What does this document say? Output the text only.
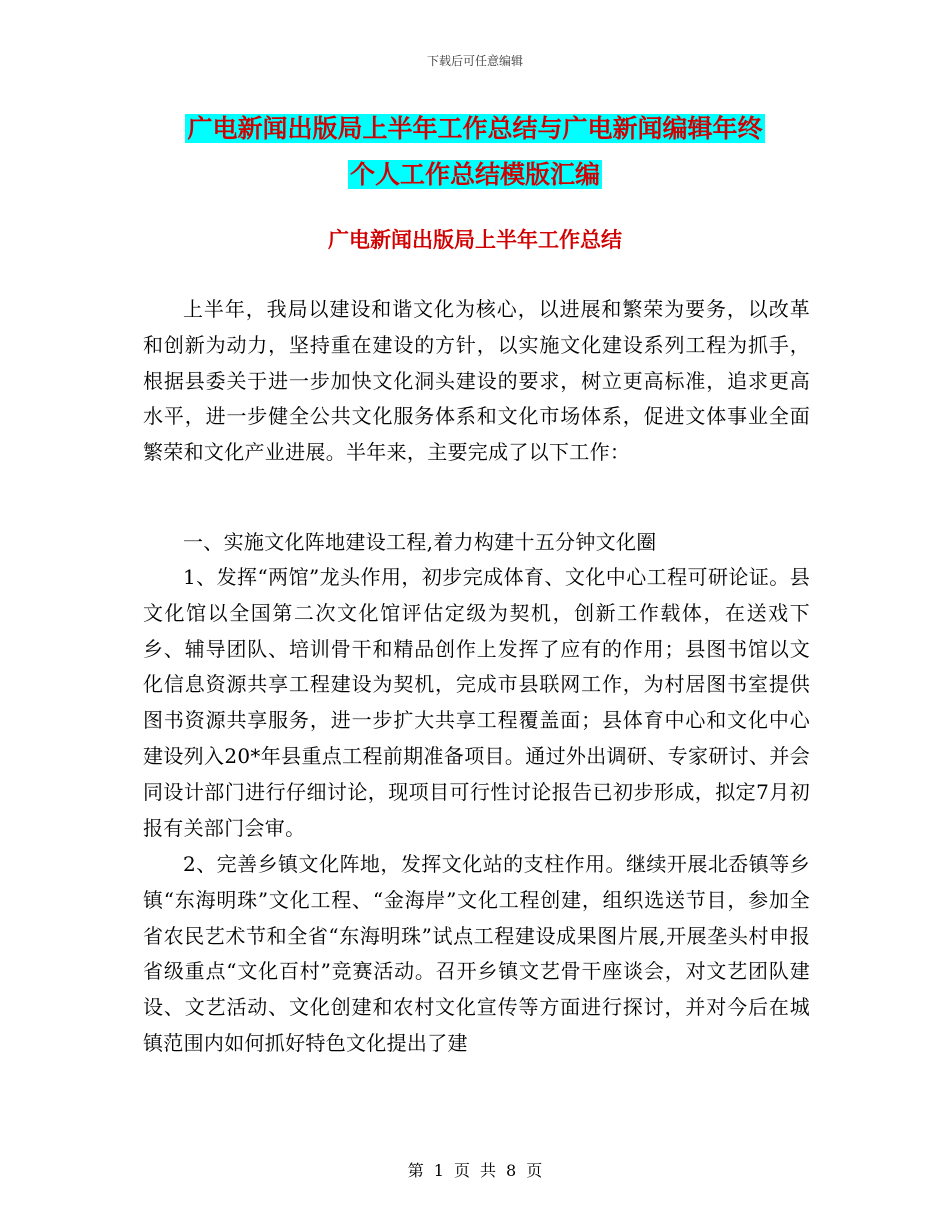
下载后可任意编辑
广电新闻出版局上半年工作总结与广电新闻编辑年终
个人工作总结模版汇编
广电新闻出版局上半年工作总结
上半年，我局以建设和谐文化为核心，以进展和繁荣为要务，以改革和创新为动力，坚持重在建设的方针，以实施文化建设系列工程为抓手，根据县委关于进一步加快文化洞头建设的要求，树立更高标准，追求更高水平，进一步健全公共文化服务体系和文化市场体系，促进文体事业全面繁荣和文化产业进展。半年来，主要完成了以下工作：
一、实施文化阵地建设工程,着力构建十五分钟文化圈
1、发挥“两馆”龙头作用，初步完成体育、文化中心工程可研论证。县文化馆以全国第二次文化馆评估定级为契机，创新工作载体，在送戏下乡、辅导团队、培训骨干和精品创作上发挥了应有的作用；县图书馆以文化信息资源共享工程建设为契机，完成市县联网工作，为村居图书室提供图书资源共享服务，进一步扩大共享工程覆盖面；县体育中心和文化中心建设列入20*年县重点工程前期准备项目。通过外出调研、专家研讨、并会同设计部门进行仔细讨论，现项目可行性讨论报告已初步形成，拟定7月初报有关部门会审。
2、完善乡镇文化阵地，发挥文化站的支柱作用。继续开展北岙镇等乡镇“东海明珠”文化工程、“金海岸”文化工程创建，组织选送节目，参加全省农民艺术节和全省“东海明珠”试点工程建设成果图片展,开展垄头村申报省级重点“文化百村”竞赛活动。召开乡镇文艺骨干座谈会，对文艺团队建设、文艺活动、文化创建和农村文化宣传等方面进行探讨，并对今后在城镇范围内如何抓好特色文化提出了建
第 1 页 共 8 页
